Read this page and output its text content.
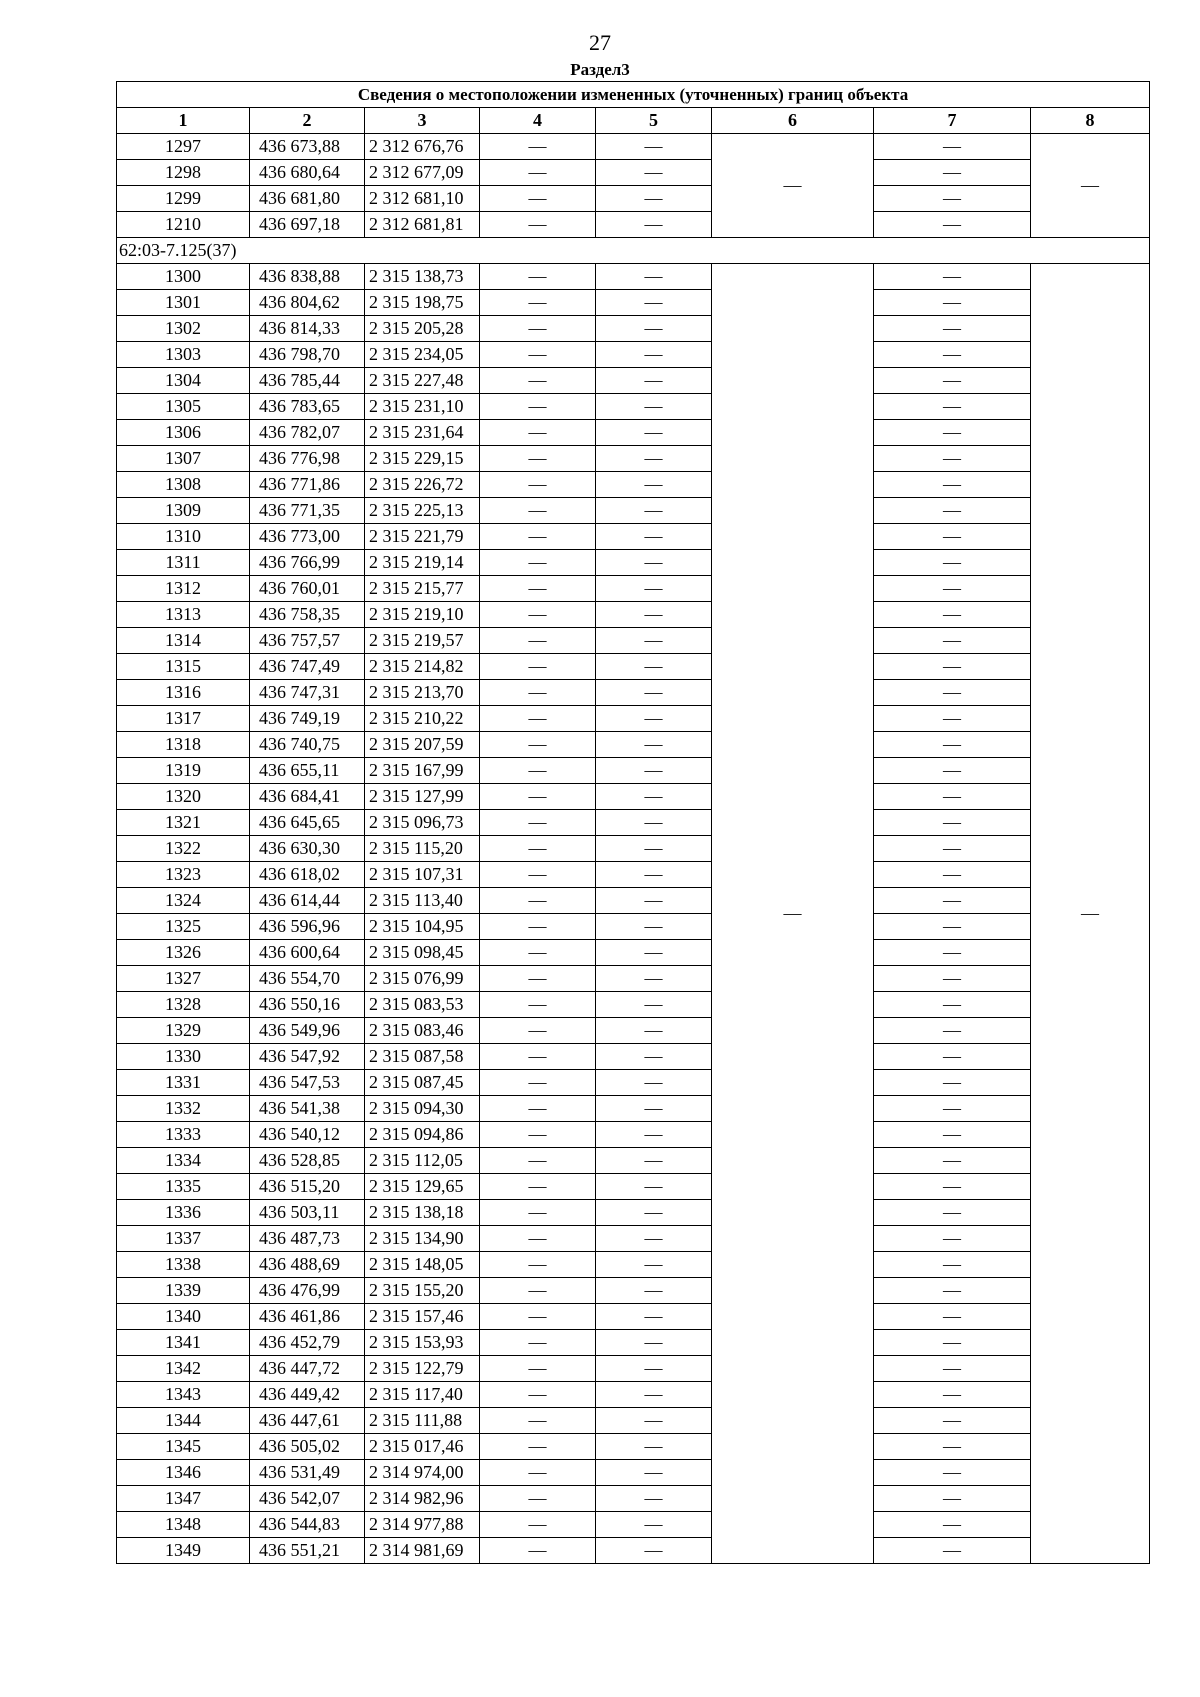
27
Раздел3
Сведения о местоположении измененных (уточненных) границ объекта							
1	2	3	4	5	6	7	8
1297	436 673,88	2 312 676,76	—	—	—	—	—
1298	436 680,64	2 312 677,09	—	—		—	
1299	436 681,80	2 312 681,10	—	—		—	
1210	436 697,18	2 312 681,81	—	—		—	
62:03-7.125(37)							
1300	436 838,88	2 315 138,73	—	—	—	—	—
1301	436 804,62	2 315 198,75	—	—		—	
1302	436 814,33	2 315 205,28	—	—		—	
1303	436 798,70	2 315 234,05	—	—		—	
1304	436 785,44	2 315 227,48	—	—		—	
1305	436 783,65	2 315 231,10	—	—		—	
1306	436 782,07	2 315 231,64	—	—		—	
1307	436 776,98	2 315 229,15	—	—		—	
1308	436 771,86	2 315 226,72	—	—		—	
1309	436 771,35	2 315 225,13	—	—		—	
1310	436 773,00	2 315 221,79	—	—		—	
1311	436 766,99	2 315 219,14	—	—		—	
1312	436 760,01	2 315 215,77	—	—		—	
1313	436 758,35	2 315 219,10	—	—		—	
1314	436 757,57	2 315 219,57	—	—		—	
1315	436 747,49	2 315 214,82	—	—		—	
1316	436 747,31	2 315 213,70	—	—		—	
1317	436 749,19	2 315 210,22	—	—		—	
1318	436 740,75	2 315 207,59	—	—		—	
1319	436 655,11	2 315 167,99	—	—		—	
1320	436 684,41	2 315 127,99	—	—		—	
1321	436 645,65	2 315 096,73	—	—		—	
1322	436 630,30	2 315 115,20	—	—		—	
1323	436 618,02	2 315 107,31	—	—		—	
1324	436 614,44	2 315 113,40	—	—		—	
1325	436 596,96	2 315 104,95	—	—		—	
1326	436 600,64	2 315 098,45	—	—		—	
1327	436 554,70	2 315 076,99	—	—		—	
1328	436 550,16	2 315 083,53	—	—		—	
1329	436 549,96	2 315 083,46	—	—		—	
1330	436 547,92	2 315 087,58	—	—		—	
1331	436 547,53	2 315 087,45	—	—		—	
1332	436 541,38	2 315 094,30	—	—		—	
1333	436 540,12	2 315 094,86	—	—		—	
1334	436 528,85	2 315 112,05	—	—		—	
1335	436 515,20	2 315 129,65	—	—		—	
1336	436 503,11	2 315 138,18	—	—		—	
1337	436 487,73	2 315 134,90	—	—		—	
1338	436 488,69	2 315 148,05	—	—		—	
1339	436 476,99	2 315 155,20	—	—		—	
1340	436 461,86	2 315 157,46	—	—		—	
1341	436 452,79	2 315 153,93	—	—		—	
1342	436 447,72	2 315 122,79	—	—		—	
1343	436 449,42	2 315 117,40	—	—		—	
1344	436 447,61	2 315 111,88	—	—		—	
1345	436 505,02	2 315 017,46	—	—		—	
1346	436 531,49	2 314 974,00	—	—		—	
1347	436 542,07	2 314 982,96	—	—		—	
1348	436 544,83	2 314 977,88	—	—		—	
1349	436 551,21	2 314 981,69	—	—		—	
